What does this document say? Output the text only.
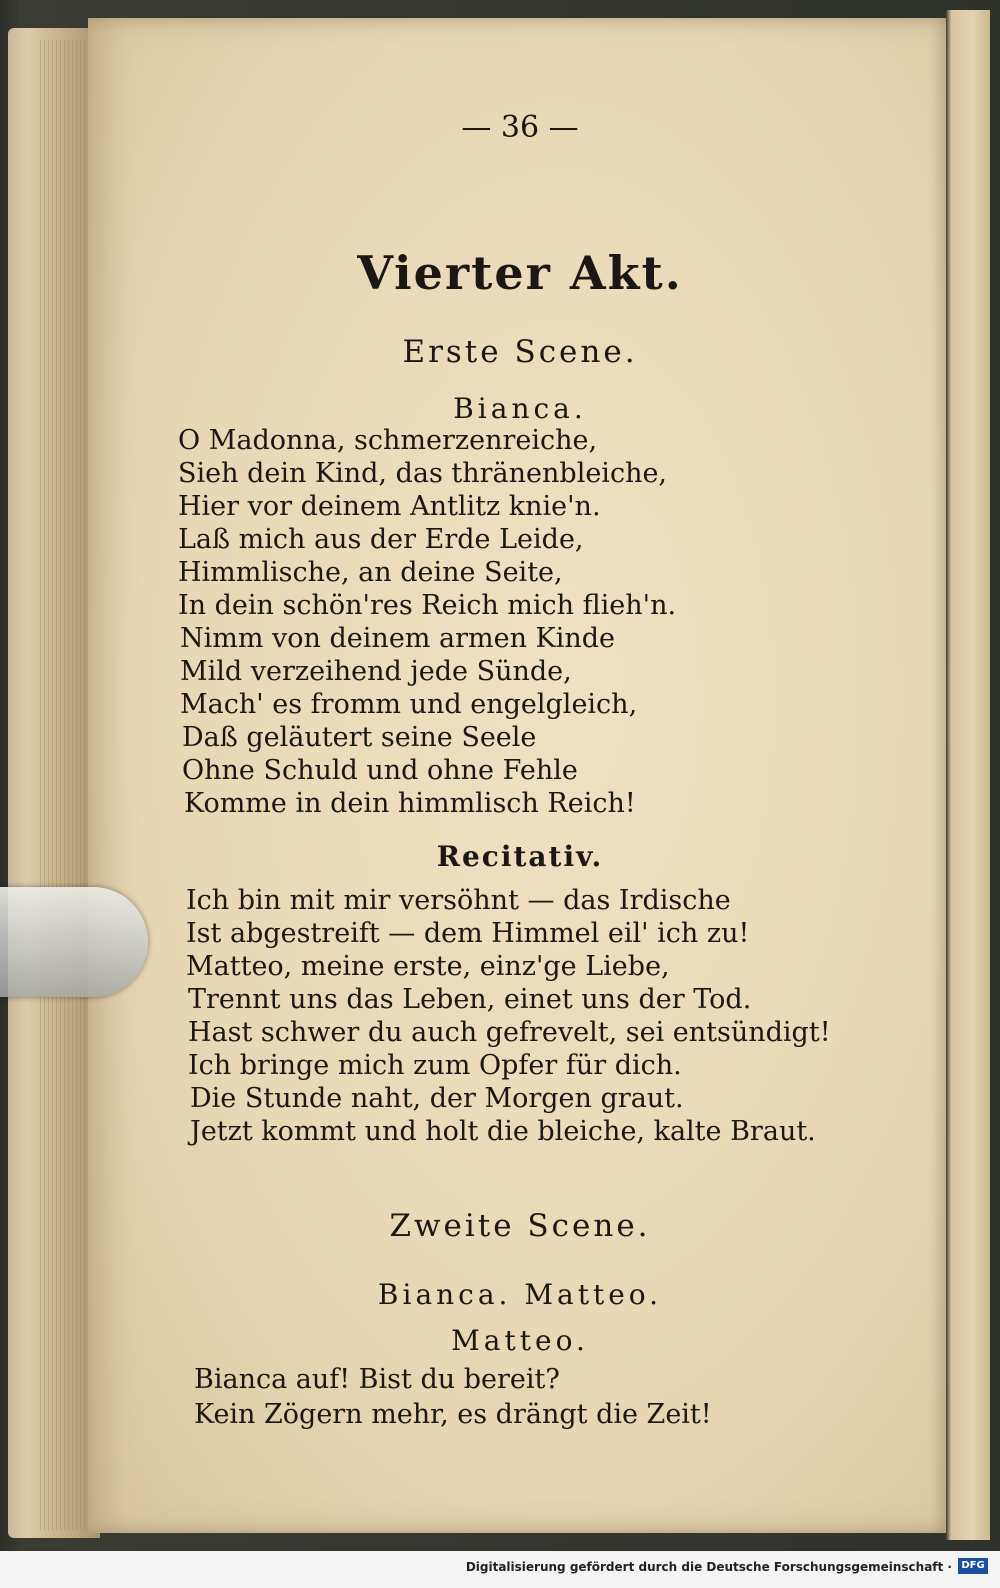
— 36 —
Vierter Akt.
Erste Scene.
Bianca.
O Madonna, schmerzenreiche,
Sieh dein Kind, das thränenbleiche,
Hier vor deinem Antlitz knie'n.
Laß mich aus der Erde Leide,
Himmlische, an deine Seite,
In dein schön'res Reich mich flieh'n.
Nimm von deinem armen Kinde
Mild verzeihend jede Sünde,
Mach' es fromm und engelgleich,
Daß geläutert seine Seele
Ohne Schuld und ohne Fehle
Komme in dein himmlisch Reich!
Recitativ.
Ich bin mit mir versöhnt — das Irdische
Ist abgestreift — dem Himmel eil' ich zu!
Matteo, meine erste, einz'ge Liebe,
Trennt uns das Leben, einet uns der Tod.
Hast schwer du auch gefrevelt, sei entsündigt!
Ich bringe mich zum Opfer für dich.
Die Stunde naht, der Morgen graut.
Jetzt kommt und holt die bleiche, kalte Braut.
Zweite Scene.
Bianca. Matteo.
Matteo.
Bianca auf! Bist du bereit?
Kein Zögern mehr, es drängt die Zeit!
Digitalisierung gefördert durch die Deutsche Forschungsgemeinschaft · DFG
